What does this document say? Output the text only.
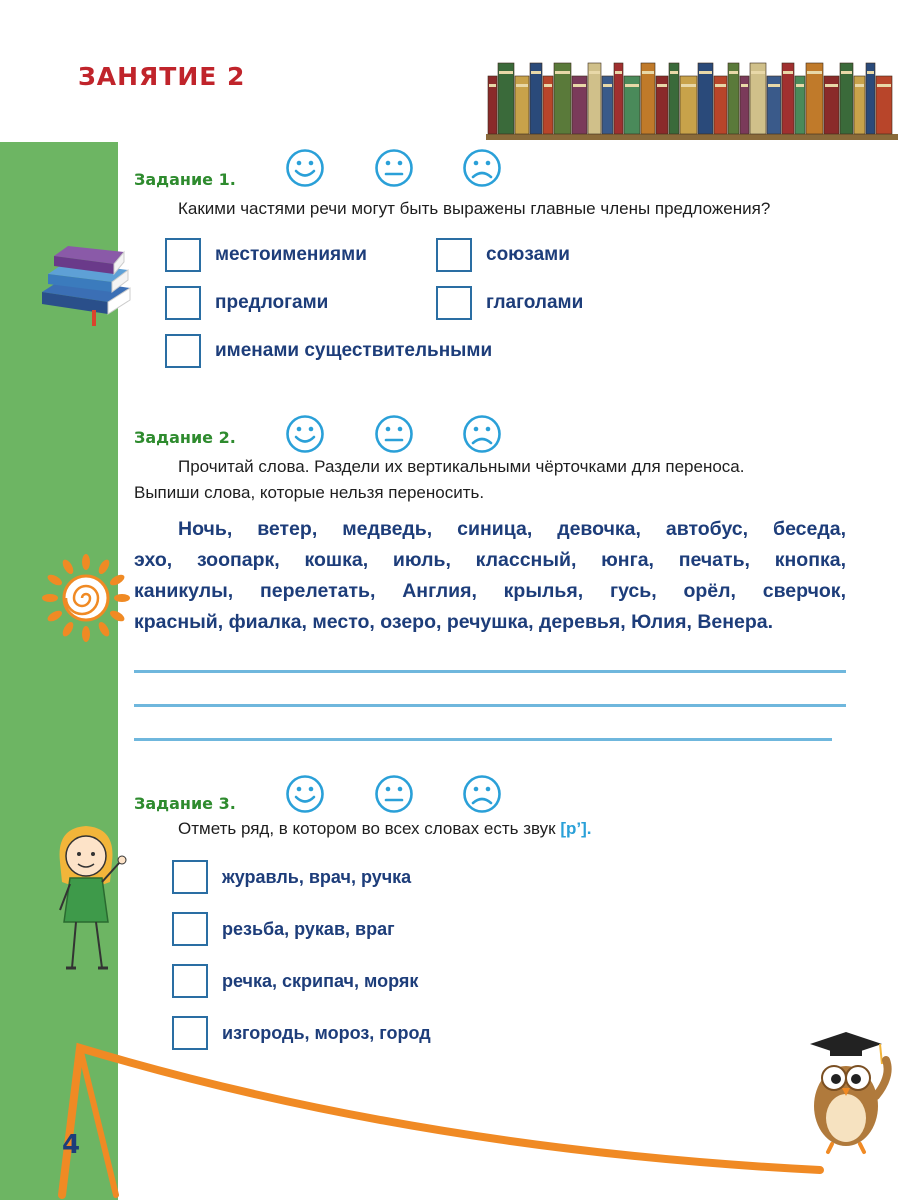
ЗАНЯТИЕ 2
Задание 1.
Какими частями речи могут быть выражены главные члены предложения?
местоимениями	союзами
предлогами	глаголами
именами существительными
Задание 2.
Прочитай слова. Раздели их вертикальными чёрточками для переноса.
Выпиши слова, которые нельзя переносить.
Ночь, ветер, медведь, синица, девочка, автобус, беседа,
эхо, зоопарк, кошка, июль, классный, юнга, печать, кнопка,
каникулы, перелетать, Англия, крылья, гусь, орёл, сверчок,
красный, фиалка, место, озеро, речушка, деревья, Юлия, Венера.
Задание 3.
Отметь ряд, в котором во всех словах есть звук [р’].
журавль, врач, ручка
резьба, рукав, враг
речка, скрипач, моряк
изгородь, мороз, город
4
